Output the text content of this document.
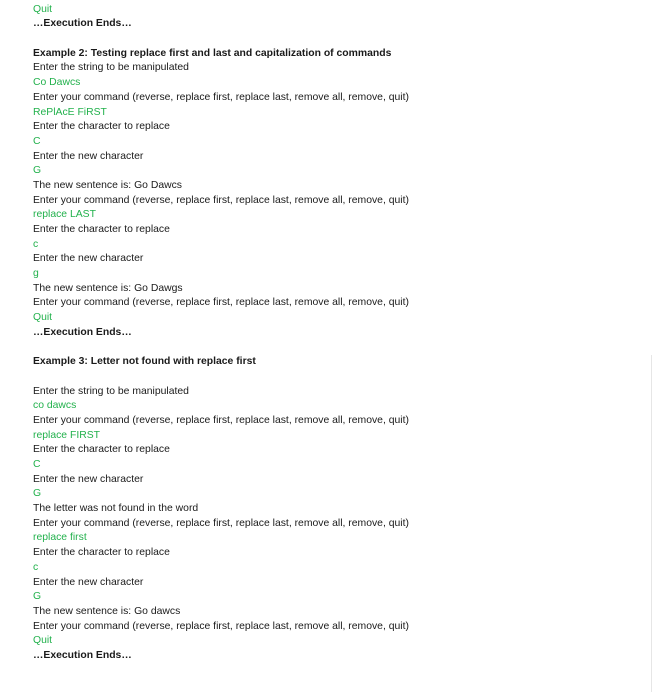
Quit
…Execution Ends…
Example 2: Testing replace first and last and capitalization of commands
Enter the string to be manipulated
Co Dawcs
Enter your command (reverse, replace first, replace last, remove all, remove, quit)
RePlAcE FiRST
Enter the character to replace
C
Enter the new character
G
The new sentence is: Go Dawcs
Enter your command (reverse, replace first, replace last, remove all, remove, quit)
replace LAST
Enter the character to replace
c
Enter the new character
g
The new sentence is: Go Dawgs
Enter your command (reverse, replace first, replace last, remove all, remove, quit)
Quit
…Execution Ends…
Example 3: Letter not found with replace first
Enter the string to be manipulated
co dawcs
Enter your command (reverse, replace first, replace last, remove all, remove, quit)
replace FIRST
Enter the character to replace
C
Enter the new character
G
The letter was not found in the word
Enter your command (reverse, replace first, replace last, remove all, remove, quit)
replace first
Enter the character to replace
c
Enter the new character
G
The new sentence is: Go dawcs
Enter your command (reverse, replace first, replace last, remove all, remove, quit)
Quit
…Execution Ends…
